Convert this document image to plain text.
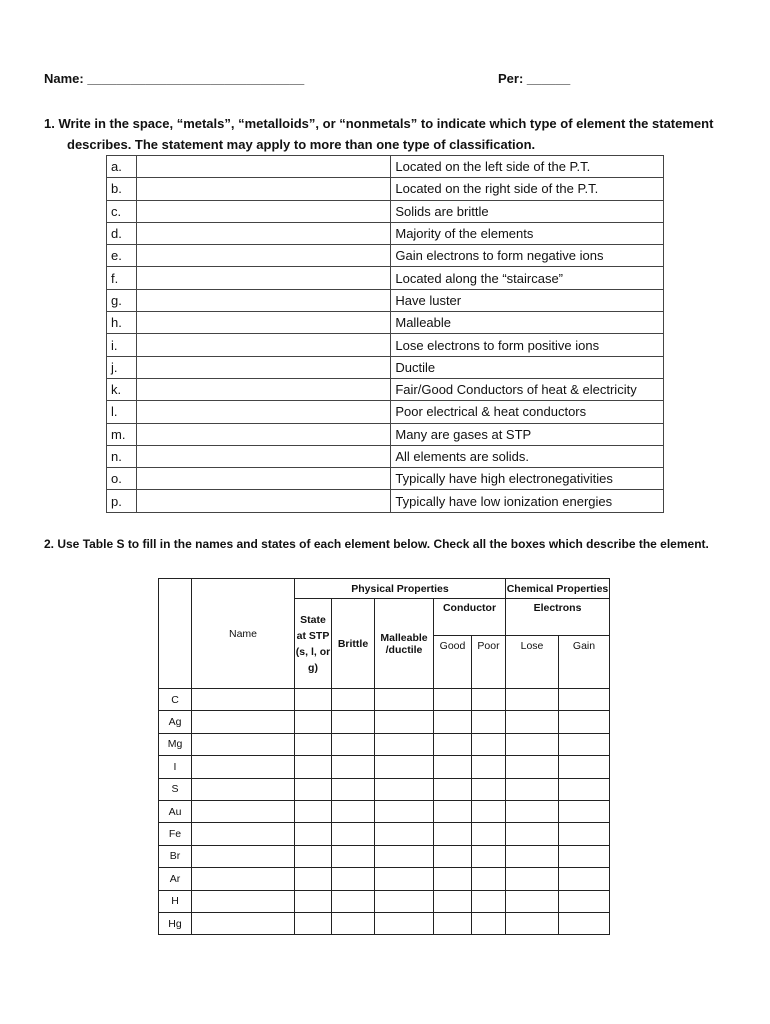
Name: ______________________________	Per: ______
1. Write in the space, “metals”, “metalloids”, or “nonmetals” to indicate which type of element the statement
describes. The statement may apply to more than one type of classification.
a.		Located on the left side of the P.T.
b.		Located on the right side of the P.T.
c.		Solids are brittle
d.		Majority of the elements
e.		Gain electrons to form negative ions
f.		Located along the “staircase”
g.		Have luster
h.		Malleable
i.		Lose electrons to form positive ions
j.		Ductile
k.		Fair/Good Conductors of heat & electricity
l.		Poor electrical & heat conductors
m.		Many are gases at STP
n.		All elements are solids.
o.		Typically have high electronegativities
p.		Typically have low ionization energies
2. Use Table S to fill in the names and states of each element below. Check all the boxes which describe the element.
	Name	Physical Properties					Chemical Properties	
		State at STP (s, l, or g)	Brittle	Malleable /ductile	Conductor		Electrons	
					Good	Poor	Lose	Gain
C								
Ag								
Mg								
I								
S								
Au								
Fe								
Br								
Ar								
H								
Hg								
